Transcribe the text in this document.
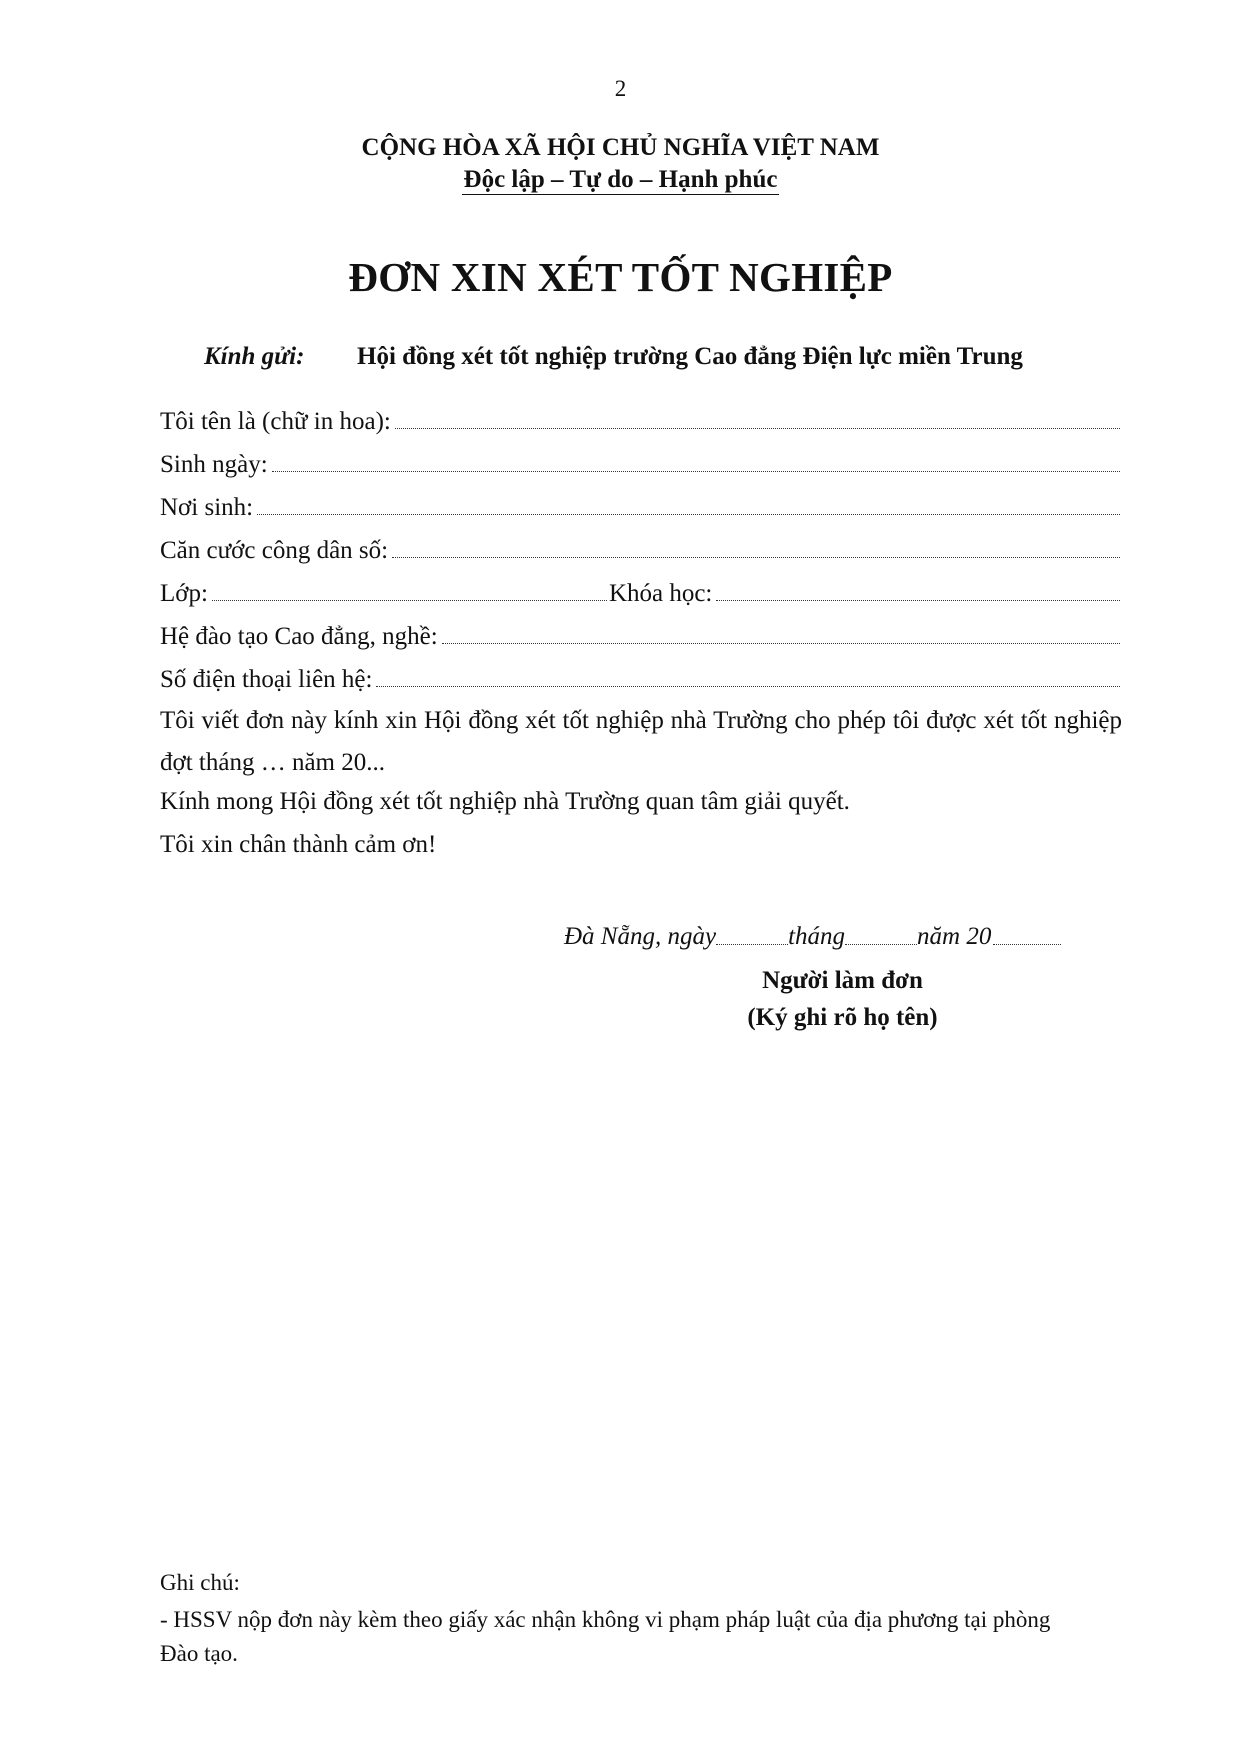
2
CỘNG HÒA XÃ HỘI CHỦ NGHĨA VIỆT NAM
Độc lập – Tự do – Hạnh phúc
ĐƠN XIN XÉT TỐT NGHIỆP
Kính gửi: Hội đồng xét tốt nghiệp trường Cao đẳng Điện lực miền Trung
Tôi tên là (chữ in hoa):
Sinh ngày:
Nơi sinh:
Căn cước công dân số:
Lớp:	Khóa học:
Hệ đào tạo Cao đẳng, nghề:
Số điện thoại liên hệ:
Tôi viết đơn này kính xin Hội đồng xét tốt nghiệp nhà Trường cho phép tôi được xét tốt nghiệp đợt tháng … năm 20...
Kính mong Hội đồng xét tốt nghiệp nhà Trường quan tâm giải quyết.
Tôi xin chân thành cảm ơn!
Đà Nẵng, ngày	tháng	năm 20
Người làm đơn
(Ký ghi rõ họ tên)
Ghi chú:
- HSSV nộp đơn này kèm theo giấy xác nhận không vi phạm pháp luật của địa phương tại phòng Đào tạo.
